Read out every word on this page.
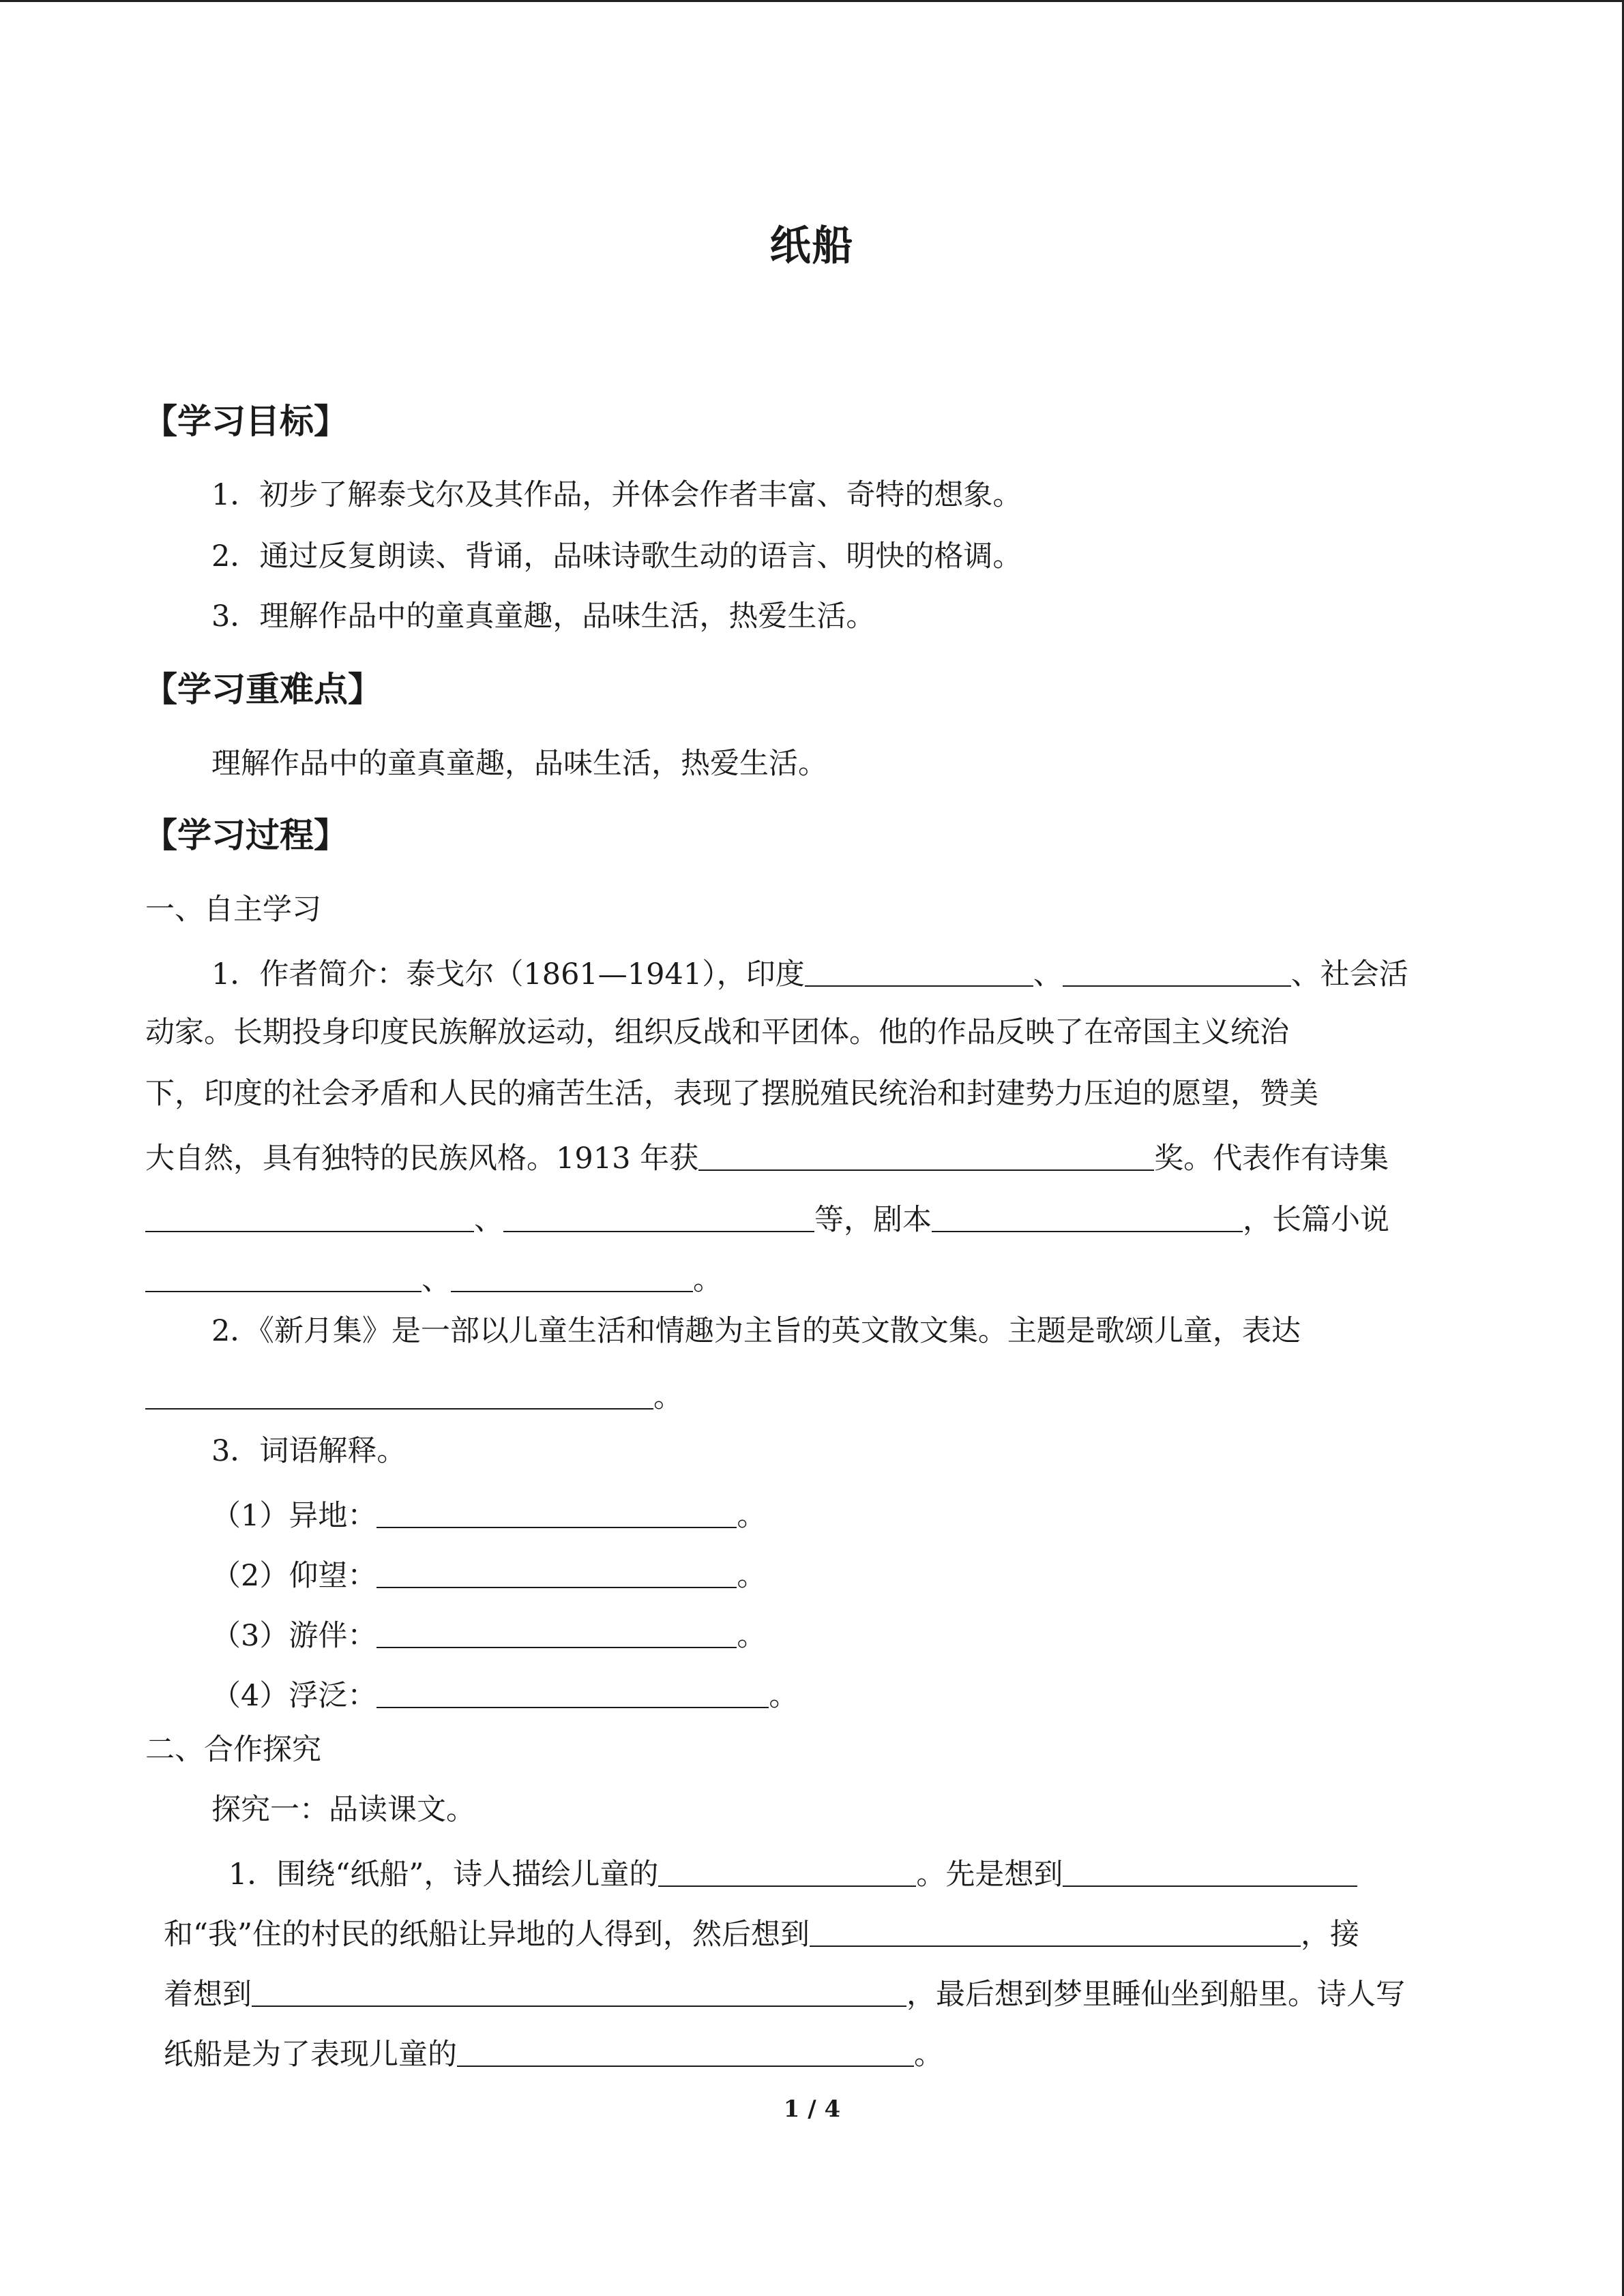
纸船
【学习目标】
1．初步了解泰戈尔及其作品，并体会作者丰富、奇特的想象。
2．通过反复朗读、背诵，品味诗歌生动的语言、明快的格调。
3．理解作品中的童真童趣，品味生活，热爱生活。
【学习重难点】
理解作品中的童真童趣，品味生活，热爱生活。
【学习过程】
一、自主学习
1．作者简介：泰戈尔（1861—1941），印度	、	、社会活
动家。长期投身印度民族解放运动，组织反战和平团体。他的作品反映了在帝国主义统治
下，印度的社会矛盾和人民的痛苦生活，表现了摆脱殖民统治和封建势力压迫的愿望，赞美
大自然，具有独特的民族风格。1913 年获	奖。代表作有诗集
、	等，剧本	，长篇小说
、	。
2．《新月集》是一部以儿童生活和情趣为主旨的英文散文集。主题是歌颂儿童，表达
。
3．词语解释。
（1）异地：	。
（2）仰望：	。
（3）游伴：	。
（4）浮泛：	。
二、合作探究
探究一：品读课文。
1．围绕“纸船”，诗人描绘儿童的	。先是想到
和“我”住的村民的纸船让异地的人得到，然后想到	，接
着想到	，最后想到梦里睡仙坐到船里。诗人写
纸船是为了表现儿童的	。
1 / 4
